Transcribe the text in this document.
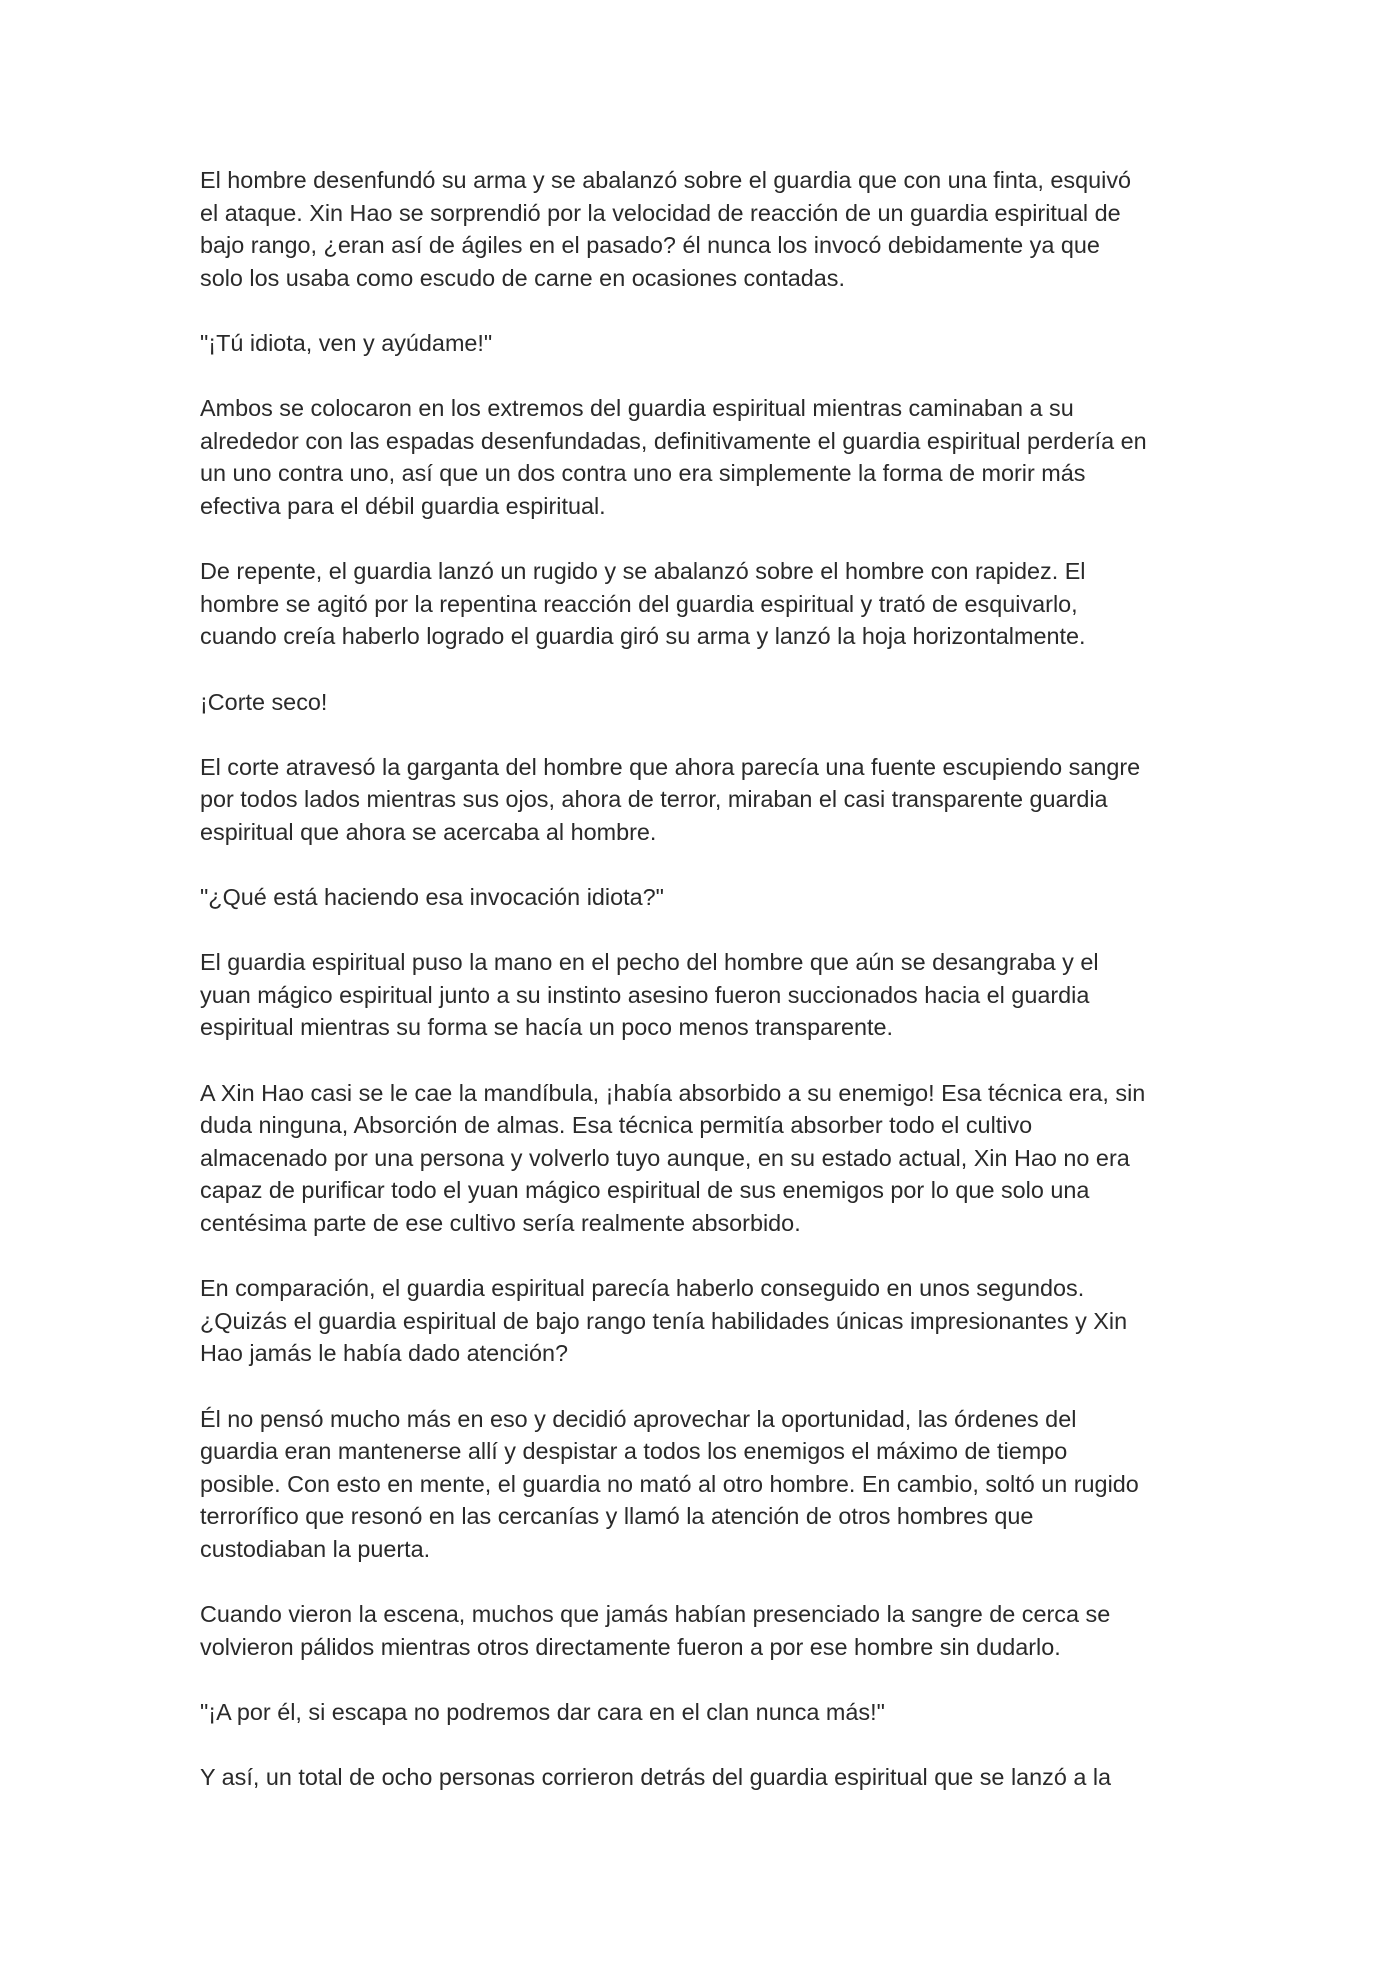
El hombre desenfundó su arma y se abalanzó sobre el guardia que con una finta, esquivó
el ataque. Xin Hao se sorprendió por la velocidad de reacción de un guardia espiritual de
bajo rango, ¿eran así de ágiles en el pasado? él nunca los invocó debidamente ya que
solo los usaba como escudo de carne en ocasiones contadas.

"¡Tú idiota, ven y ayúdame!"

Ambos se colocaron en los extremos del guardia espiritual mientras caminaban a su
alrededor con las espadas desenfundadas, definitivamente el guardia espiritual perdería en
un uno contra uno, así que un dos contra uno era simplemente la forma de morir más
efectiva para el débil guardia espiritual.

De repente, el guardia lanzó un rugido y se abalanzó sobre el hombre con rapidez. El
hombre se agitó por la repentina reacción del guardia espiritual y trató de esquivarlo,
cuando creía haberlo logrado el guardia giró su arma y lanzó la hoja horizontalmente.

¡Corte seco!

El corte atravesó la garganta del hombre que ahora parecía una fuente escupiendo sangre
por todos lados mientras sus ojos, ahora de terror, miraban el casi transparente guardia
espiritual que ahora se acercaba al hombre.

"¿Qué está haciendo esa invocación idiota?"

El guardia espiritual puso la mano en el pecho del hombre que aún se desangraba y el
yuan mágico espiritual junto a su instinto asesino fueron succionados hacia el guardia
espiritual mientras su forma se hacía un poco menos transparente.

A Xin Hao casi se le cae la mandíbula, ¡había absorbido a su enemigo! Esa técnica era, sin
duda ninguna, Absorción de almas. Esa técnica permitía absorber todo el cultivo
almacenado por una persona y volverlo tuyo aunque, en su estado actual, Xin Hao no era
capaz de purificar todo el yuan mágico espiritual de sus enemigos por lo que solo una
centésima parte de ese cultivo sería realmente absorbido.

En comparación, el guardia espiritual parecía haberlo conseguido en unos segundos.
¿Quizás el guardia espiritual de bajo rango tenía habilidades únicas impresionantes y Xin
Hao jamás le había dado atención?

Él no pensó mucho más en eso y decidió aprovechar la oportunidad, las órdenes del
guardia eran mantenerse allí y despistar a todos los enemigos el máximo de tiempo
posible. Con esto en mente, el guardia no mató al otro hombre. En cambio, soltó un rugido
terrorífico que resonó en las cercanías y llamó la atención de otros hombres que
custodiaban la puerta.

Cuando vieron la escena, muchos que jamás habían presenciado la sangre de cerca se
volvieron pálidos mientras otros directamente fueron a por ese hombre sin dudarlo.

"¡A por él, si escapa no podremos dar cara en el clan nunca más!"

Y así, un total de ocho personas corrieron detrás del guardia espiritual que se lanzó a la
